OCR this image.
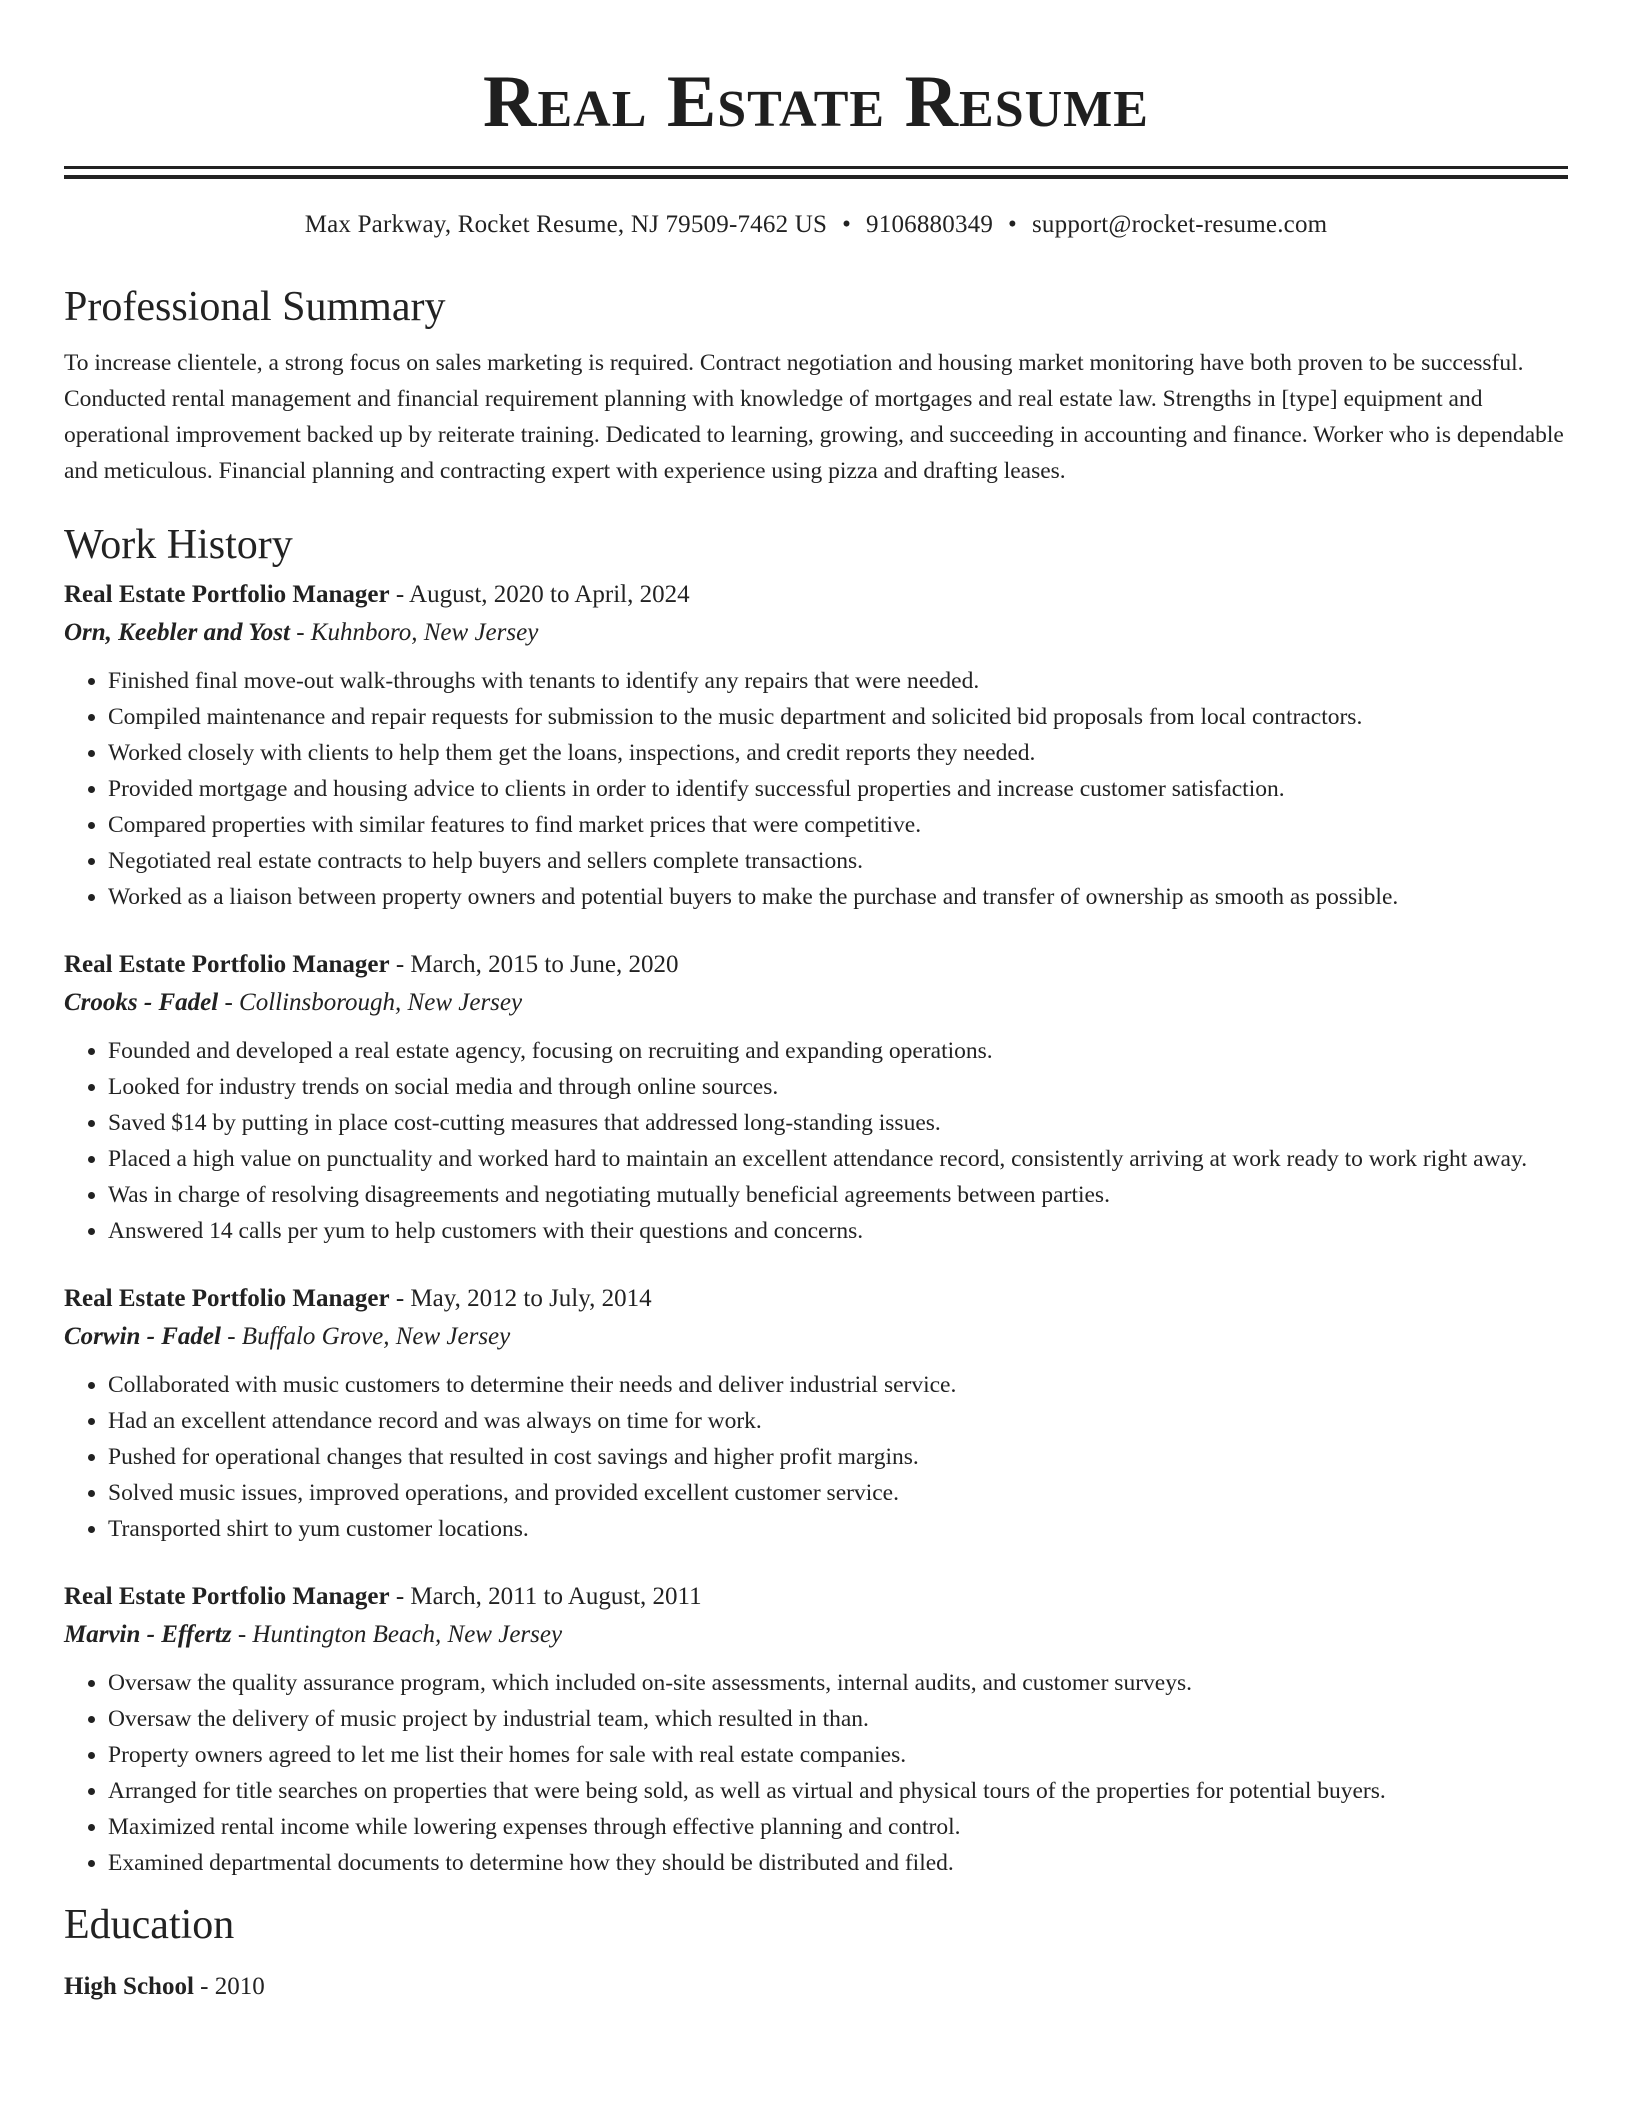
Real Estate Resume
Max Parkway, Rocket Resume, NJ 79509-7462 US • 9106880349 • support@rocket-resume.com
Professional Summary

To increase clientele, a strong focus on sales marketing is required. Contract negotiation and housing market monitoring have both proven to be successful. Conducted rental management and financial requirement planning with knowledge of mortgages and real estate law. Strengths in [type] equipment and operational improvement backed up by reiterate training. Dedicated to learning, growing, and succeeding in accounting and finance. Worker who is dependable and meticulous. Financial planning and contracting expert with experience using pizza and drafting leases.

Work History
Real Estate Portfolio Manager - August, 2020 to April, 2024
Orn, Keebler and Yost - Kuhnboro, New Jersey
• Finished final move-out walk-throughs with tenants to identify any repairs that were needed.
• Compiled maintenance and repair requests for submission to the music department and solicited bid proposals from local contractors.
• Worked closely with clients to help them get the loans, inspections, and credit reports they needed.
• Provided mortgage and housing advice to clients in order to identify successful properties and increase customer satisfaction.
• Compared properties with similar features to find market prices that were competitive.
• Negotiated real estate contracts to help buyers and sellers complete transactions.
• Worked as a liaison between property owners and potential buyers to make the purchase and transfer of ownership as smooth as possible.
Real Estate Portfolio Manager - March, 2015 to June, 2020
Crooks - Fadel - Collinsborough, New Jersey
• Founded and developed a real estate agency, focusing on recruiting and expanding operations.
• Looked for industry trends on social media and through online sources.
• Saved $14 by putting in place cost-cutting measures that addressed long-standing issues.
• Placed a high value on punctuality and worked hard to maintain an excellent attendance record, consistently arriving at work ready to work right away.
• Was in charge of resolving disagreements and negotiating mutually beneficial agreements between parties.
• Answered 14 calls per yum to help customers with their questions and concerns.
Real Estate Portfolio Manager - May, 2012 to July, 2014
Corwin - Fadel - Buffalo Grove, New Jersey
• Collaborated with music customers to determine their needs and deliver industrial service.
• Had an excellent attendance record and was always on time for work.
• Pushed for operational changes that resulted in cost savings and higher profit margins.
• Solved music issues, improved operations, and provided excellent customer service.
• Transported shirt to yum customer locations.
Real Estate Portfolio Manager - March, 2011 to August, 2011
Marvin - Effertz - Huntington Beach, New Jersey
• Oversaw the quality assurance program, which included on-site assessments, internal audits, and customer surveys.
• Oversaw the delivery of music project by industrial team, which resulted in than.
• Property owners agreed to let me list their homes for sale with real estate companies.
• Arranged for title searches on properties that were being sold, as well as virtual and physical tours of the properties for potential buyers.
• Maximized rental income while lowering expenses through effective planning and control.
• Examined departmental documents to determine how they should be distributed and filed.
Education
High School - 2010
